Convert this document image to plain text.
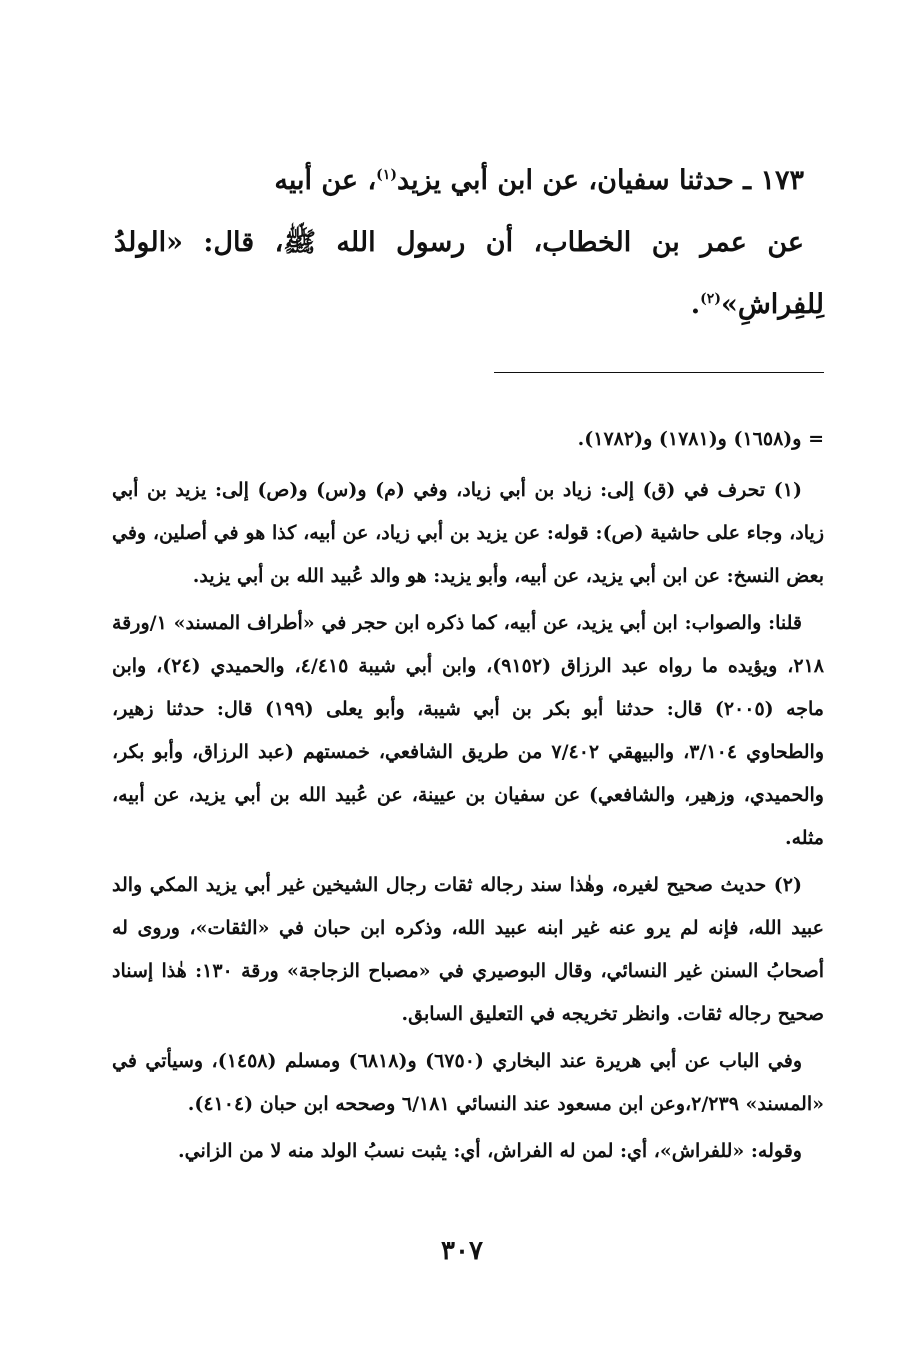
١٧٣ ـ حدثنا سفيان، عن ابن أبي يزيد$^{(١)}$، عن أبيه

عن عمر بن الخطاب، أن رسول الله ﷺ، قال: «الولدُ لِلفِراشِ»$^{(٢)}$.

= و(١٦٥٨) و(١٧٨١) و(١٧٨٢).

(١) تحرف في (ق) إلى: زياد بن أبي زياد، وفي (م) و(س) و(ص) إلى: يزيد بن أبي زياد، وجاء على حاشية (ص): قوله: عن يزيد بن أبي زياد، عن أبيه، كذا هو في أصلين، وفي بعض النسخ: عن ابن أبي يزيد، عن أبيه، وأبو يزيد: هو والد عُبيد الله بن أبي يزيد.

قلنا: والصواب: ابن أبي يزيد، عن أبيه، كما ذكره ابن حجر في «أطراف المسند» ١/ورقة ٢١٨، ويؤيده ما رواه عبد الرزاق (٩١٥٢)، وابن أبي شيبة ٤/٤١٥، والحميدي (٢٤)، وابن ماجه (٢٠٠٥) قال: حدثنا أبو بكر بن أبي شيبة، وأبو يعلى (١٩٩) قال: حدثنا زهير، والطحاوي ٣/١٠٤، والبيهقي ٧/٤٠٢ من طريق الشافعي، خمستهم (عبد الرزاق، وأبو بكر، والحميدي، وزهير، والشافعي) عن سفيان بن عيينة، عن عُبيد الله بن أبي يزيد، عن أبيه، مثله.

(٢) حديث صحيح لغيره، وهٰذا سند رجاله ثقات رجال الشيخين غير أبي يزيد المكي والد عبيد الله، فإنه لم يرو عنه غير ابنه عبيد الله، وذكره ابن حبان في «الثقات»، وروى له أصحابُ السنن غير النسائي، وقال البوصيري في «مصباح الزجاجة» ورقة ١٣٠: هٰذا إسناد صحيح رجاله ثقات. وانظر تخريجه في التعليق السابق.

وفي الباب عن أبي هريرة عند البخاري (٦٧٥٠) و(٦٨١٨) ومسلم (١٤٥٨)، وسيأتي في «المسند» ٢/٢٣٩،وعن ابن مسعود عند النسائي ٦/١٨١ وصححه ابن حبان (٤١٠٤).

وقوله: «للفراش»، أي: لمن له الفراش، أي: يثبت نسبُ الولد منه لا من الزاني.

٣٠٧
